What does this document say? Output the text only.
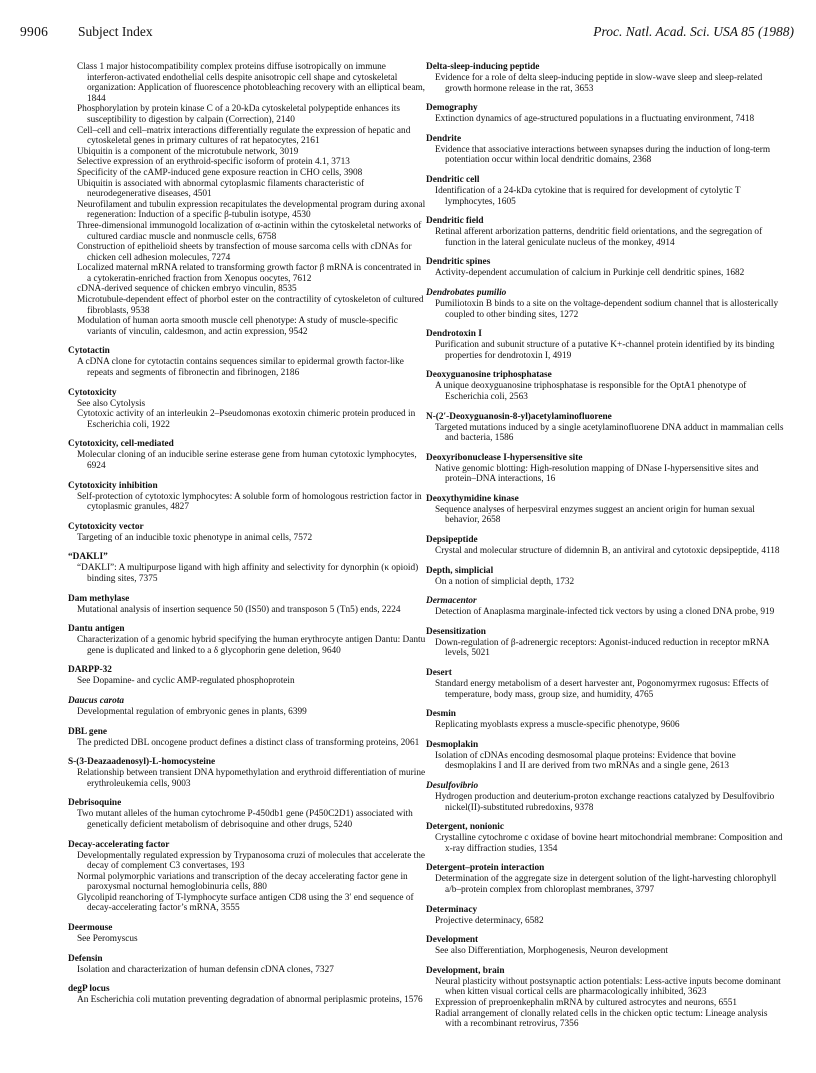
9906 Subject Index	Proc. Natl. Acad. Sci. USA 85 (1988)

Class 1 major histocompatibility complex proteins diffuse isotropically on immune interferon-activated endothelial cells despite anisotropic cell shape and cytoskeletal organization: Application of fluorescence photobleaching recovery with an elliptical beam, 1844

Phosphorylation by protein kinase C of a 20-kDa cytoskeletal polypeptide enhances its susceptibility to digestion by calpain (Correction), 2140

Cell–cell and cell–matrix interactions differentially regulate the expression of hepatic and cytoskeletal genes in primary cultures of rat hepatocytes, 2161

Ubiquitin is a component of the microtubule network, 3019

Selective expression of an erythroid-specific isoform of protein 4.1, 3713

Specificity of the cAMP-induced gene exposure reaction in CHO cells, 3908

Ubiquitin is associated with abnormal cytoplasmic filaments characteristic of neurodegenerative diseases, 4501

Neurofilament and tubulin expression recapitulates the developmental program during axonal regeneration: Induction of a specific β-tubulin isotype, 4530

Three-dimensional immunogold localization of α-actinin within the cytoskeletal networks of cultured cardiac muscle and nonmuscle cells, 6758

Construction of epithelioid sheets by transfection of mouse sarcoma cells with cDNAs for chicken cell adhesion molecules, 7274

Localized maternal mRNA related to transforming growth factor β mRNA is concentrated in a cytokeratin-enriched fraction from Xenopus oocytes, 7612

cDNA-derived sequence of chicken embryo vinculin, 8535

Microtubule-dependent effect of phorbol ester on the contractility of cytoskeleton of cultured fibroblasts, 9538

Modulation of human aorta smooth muscle cell phenotype: A study of muscle-specific variants of vinculin, caldesmon, and actin expression, 9542

Cytotactin

A cDNA clone for cytotactin contains sequences similar to epidermal growth factor-like repeats and segments of fibronectin and fibrinogen, 2186

Cytotoxicity
See also Cytolysis

Cytotoxic activity of an interleukin 2–Pseudomonas exotoxin chimeric protein produced in Escherichia coli, 1922

Cytotoxicity, cell-mediated

Molecular cloning of an inducible serine esterase gene from human cytotoxic lymphocytes, 6924

Cytotoxicity inhibition

Self-protection of cytotoxic lymphocytes: A soluble form of homologous restriction factor in cytoplasmic granules, 4827

Cytotoxicity vector

Targeting of an inducible toxic phenotype in animal cells, 7572

“DAKLI”

“DAKLI”: A multipurpose ligand with high affinity and selectivity for dynorphin (κ opioid) binding sites, 7375

Dam methylase

Mutational analysis of insertion sequence 50 (IS50) and transposon 5 (Tn5) ends, 2224

Dantu antigen

Characterization of a genomic hybrid specifying the human erythrocyte antigen Dantu: Dantu gene is duplicated and linked to a δ glycophorin gene deletion, 9640

DARPP-32
See Dopamine- and cyclic AMP-regulated phosphoprotein
Daucus carota

Developmental regulation of embryonic genes in plants, 6399

DBL gene

The predicted DBL oncogene product defines a distinct class of transforming proteins, 2061

S-(3-Deazaadenosyl)-L-homocysteine

Relationship between transient DNA hypomethylation and erythroid differentiation of murine erythroleukemia cells, 9003

Debrisoquine

Two mutant alleles of the human cytochrome P-450db1 gene (P450C2D1) associated with genetically deficient metabolism of debrisoquine and other drugs, 5240

Decay-accelerating factor

Developmentally regulated expression by Trypanosoma cruzi of molecules that accelerate the decay of complement C3 convertases, 193

Normal polymorphic variations and transcription of the decay accelerating factor gene in paroxysmal nocturnal hemoglobinuria cells, 880

Glycolipid reanchoring of T-lymphocyte surface antigen CD8 using the 3′ end sequence of decay-accelerating factor’s mRNA, 3555

Deermouse
See Peromyscus
Defensin

Isolation and characterization of human defensin cDNA clones, 7327

degP locus

An Escherichia coli mutation preventing degradation of abnormal periplasmic proteins, 1576

Delta-sleep-inducing peptide

Evidence for a role of delta sleep-inducing peptide in slow-wave sleep and sleep-related growth hormone release in the rat, 3653

Demography

Extinction dynamics of age-structured populations in a fluctuating environment, 7418

Dendrite

Evidence that associative interactions between synapses during the induction of long-term potentiation occur within local dendritic domains, 2368

Dendritic cell

Identification of a 24-kDa cytokine that is required for development of cytolytic T lymphocytes, 1605

Dendritic field

Retinal afferent arborization patterns, dendritic field orientations, and the segregation of function in the lateral geniculate nucleus of the monkey, 4914

Dendritic spines

Activity-dependent accumulation of calcium in Purkinje cell dendritic spines, 1682

Dendrobates pumilio

Pumiliotoxin B binds to a site on the voltage-dependent sodium channel that is allosterically coupled to other binding sites, 1272

Dendrotoxin I

Purification and subunit structure of a putative K+-channel protein identified by its binding properties for dendrotoxin I, 4919

Deoxyguanosine triphosphatase

A unique deoxyguanosine triphosphatase is responsible for the OptA1 phenotype of Escherichia coli, 2563

N-(2′-Deoxyguanosin-8-yl)acetylaminofluorene

Targeted mutations induced by a single acetylaminofluorene DNA adduct in mammalian cells and bacteria, 1586

Deoxyribonuclease I-hypersensitive site

Native genomic blotting: High-resolution mapping of DNase I-hypersensitive sites and protein–DNA interactions, 16

Deoxythymidine kinase

Sequence analyses of herpesviral enzymes suggest an ancient origin for human sexual behavior, 2658

Depsipeptide

Crystal and molecular structure of didemnin B, an antiviral and cytotoxic depsipeptide, 4118

Depth, simplicial

On a notion of simplicial depth, 1732

Dermacentor

Detection of Anaplasma marginale-infected tick vectors by using a cloned DNA probe, 919

Desensitization

Down-regulation of β-adrenergic receptors: Agonist-induced reduction in receptor mRNA levels, 5021

Desert

Standard energy metabolism of a desert harvester ant, Pogonomyrmex rugosus: Effects of temperature, body mass, group size, and humidity, 4765

Desmin

Replicating myoblasts express a muscle-specific phenotype, 9606

Desmoplakin

Isolation of cDNAs encoding desmosomal plaque proteins: Evidence that bovine desmoplakins I and II are derived from two mRNAs and a single gene, 2613

Desulfovibrio

Hydrogen production and deuterium-proton exchange reactions catalyzed by Desulfovibrio nickel(II)-substituted rubredoxins, 9378

Detergent, nonionic

Crystalline cytochrome c oxidase of bovine heart mitochondrial membrane: Composition and x-ray diffraction studies, 1354

Detergent–protein interaction

Determination of the aggregate size in detergent solution of the light-harvesting chlorophyll a/b–protein complex from chloroplast membranes, 3797

Determinacy

Projective determinacy, 6582

Development
See also Differentiation, Morphogenesis, Neuron development
Development, brain

Neural plasticity without postsynaptic action potentials: Less-active inputs become dominant when kitten visual cortical cells are pharmacologically inhibited, 3623

Expression of preproenkephalin mRNA by cultured astrocytes and neurons, 6551

Radial arrangement of clonally related cells in the chicken optic tectum: Lineage analysis with a recombinant retrovirus, 7356
